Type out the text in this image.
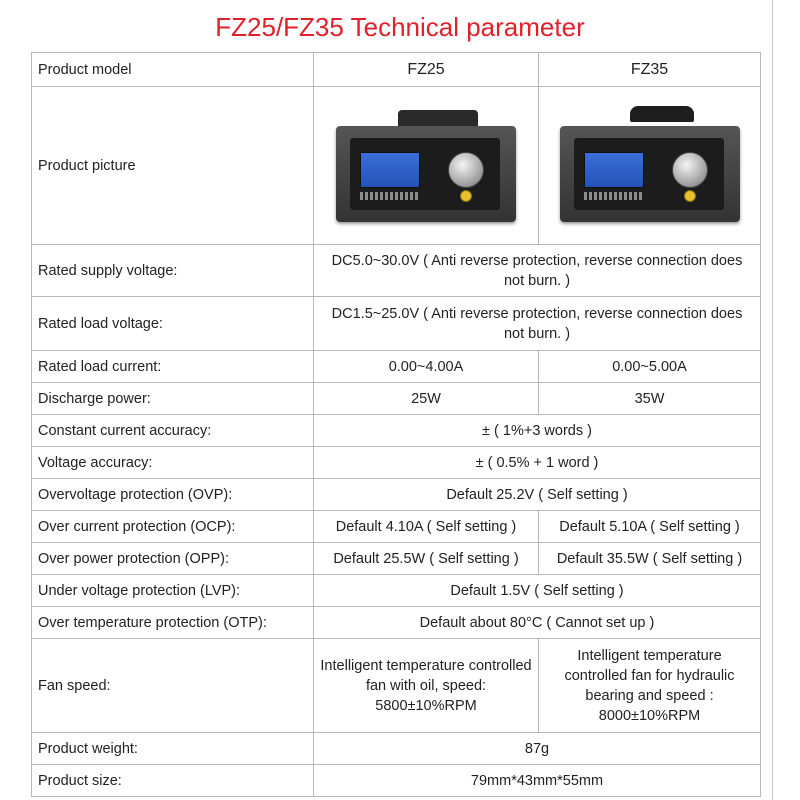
FZ25/FZ35 Technical parameter
Product model	FZ25	FZ35
Product picture	

Rated supply voltage:	DC5.0~30.0V ( Anti reverse protection, reverse connection does not burn. )	
Rated load voltage:	DC1.5~25.0V ( Anti reverse protection, reverse connection does not burn. )	
Rated load current:	0.00~4.00A	0.00~5.00A
Discharge power:	25W	35W
Constant current accuracy:	± ( 1%+3 words )	
Voltage accuracy:	± ( 0.5% + 1 word )	
Overvoltage protection (OVP):	Default 25.2V ( Self setting )	
Over current protection (OCP):	Default 4.10A ( Self setting )	Default 5.10A ( Self setting )
Over power protection (OPP):	Default 25.5W ( Self setting )	Default 35.5W ( Self setting )
Under voltage protection (LVP):	Default 1.5V ( Self setting )	
Over temperature protection (OTP):	Default about 80°C ( Cannot set up )	
Fan speed:	Intelligent temperature controlled fan with oil, speed: 5800±10%RPM	Intelligent temperature controlled fan for hydraulic bearing and speed : 8000±10%RPM
Product weight:	87g	
Product size:	79mm*43mm*55mm	
